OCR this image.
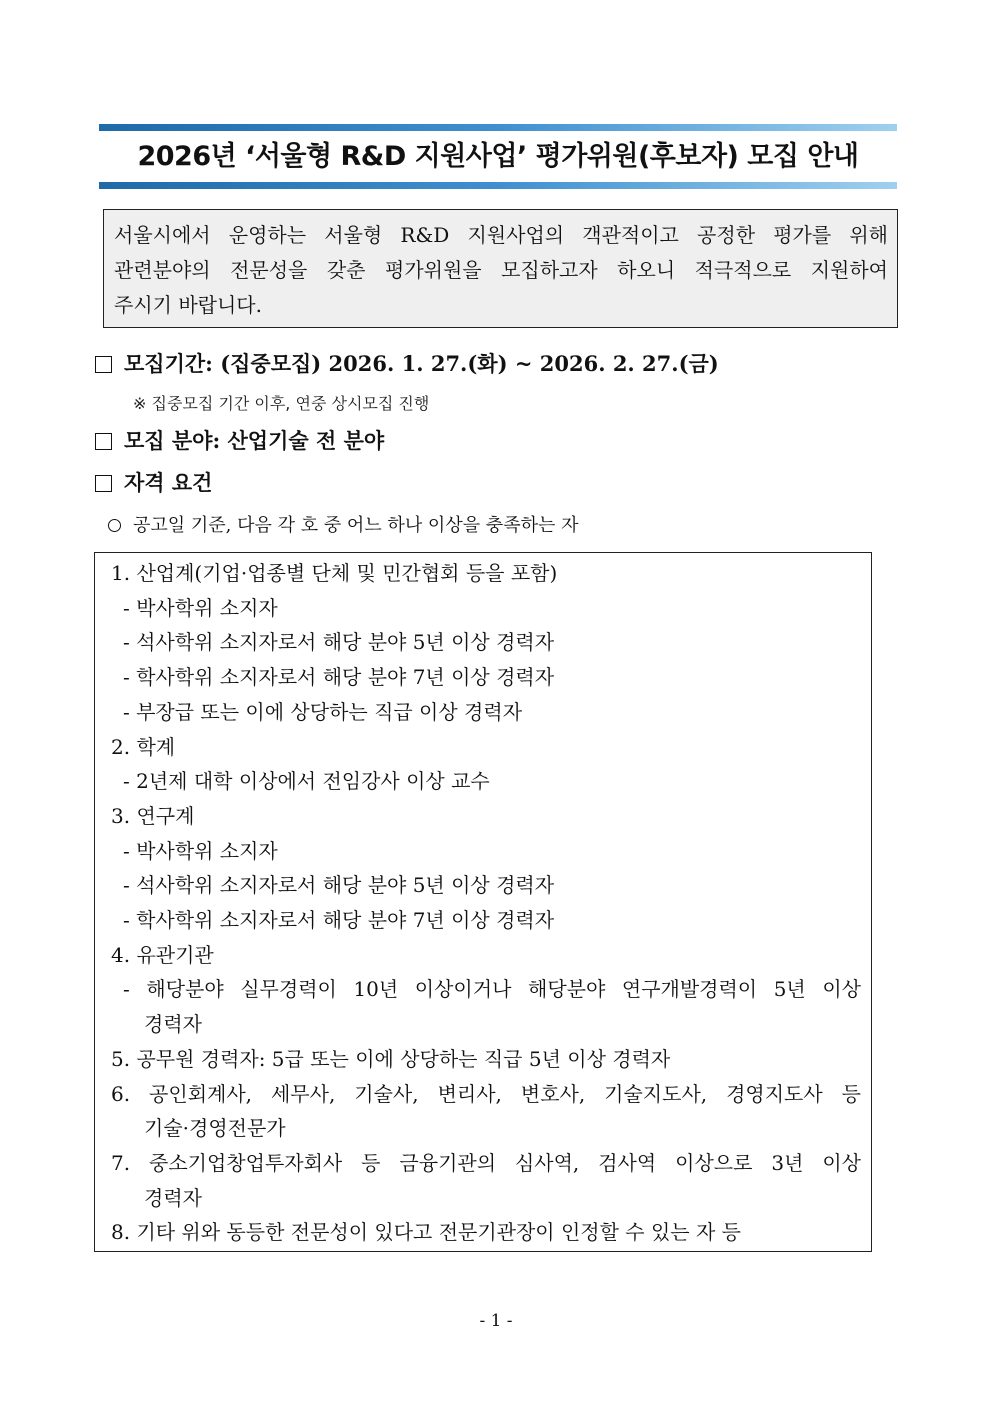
2026년 ‘서울형 R&D 지원사업’ 평가위원(후보자) 모집 안내
서울시에서 운영하는 서울형 R&D 지원사업의 객관적이고 공정한 평가를 위해
관련분야의 전문성을 갖춘 평가위원을 모집하고자 하오니 적극적으로 지원하여
주시기 바랍니다.
모집기간: (집중모집) 2026. 1. 27.(화) ~ 2026. 2. 27.(금)
※ 집중모집 기간 이후, 연중 상시모집 진행
모집 분야: 산업기술 전 분야
자격 요건
공고일 기준, 다음 각 호 중 어느 하나 이상을 충족하는 자
1. 산업계(기업·업종별 단체 및 민간협회 등을 포함)
- 박사학위 소지자
- 석사학위 소지자로서 해당 분야 5년 이상 경력자
- 학사학위 소지자로서 해당 분야 7년 이상 경력자
- 부장급 또는 이에 상당하는 직급 이상 경력자
2. 학계
- 2년제 대학 이상에서 전임강사 이상 교수
3. 연구계
- 박사학위 소지자
- 석사학위 소지자로서 해당 분야 5년 이상 경력자
- 학사학위 소지자로서 해당 분야 7년 이상 경력자
4. 유관기관
- 해당분야 실무경력이 10년 이상이거나 해당분야 연구개발경력이 5년 이상
경력자
5. 공무원 경력자: 5급 또는 이에 상당하는 직급 5년 이상 경력자
6. 공인회계사, 세무사, 기술사, 변리사, 변호사, 기술지도사, 경영지도사 등
기술·경영전문가
7. 중소기업창업투자회사 등 금융기관의 심사역, 검사역 이상으로 3년 이상
경력자
8. 기타 위와 동등한 전문성이 있다고 전문기관장이 인정할 수 있는 자 등
- 1 -
